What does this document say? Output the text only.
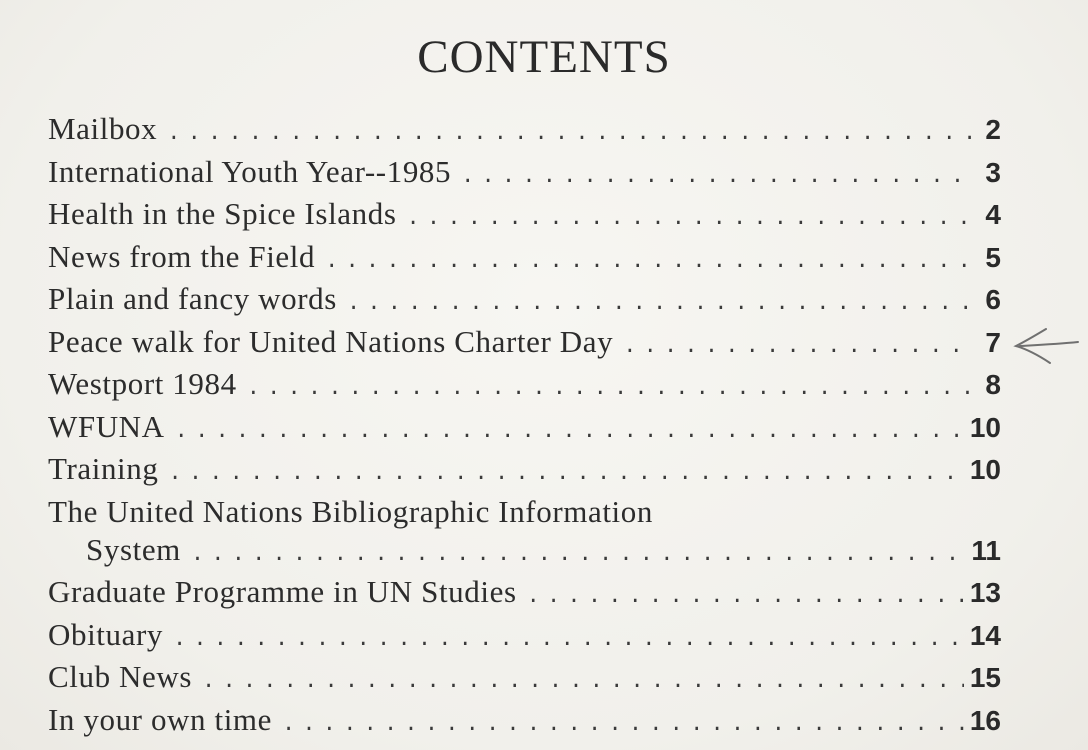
CONTENTS
Mailbox . . .	2
International Youth Year--1985 . . .	3
Health in the Spice Islands . . .	4
News from the Field . . .	5
Plain and fancy words . . .	6
Peace walk for United Nations Charter Day . . .	7
Westport 1984 . . .	8
WFUNA . . .	10
Training . . .	10
The United Nations Bibliographic Information
System . . .	11
Graduate Programme in UN Studies . . .	13
Obituary . . .	14
Club News . . .	15
In your own time . . .	16
